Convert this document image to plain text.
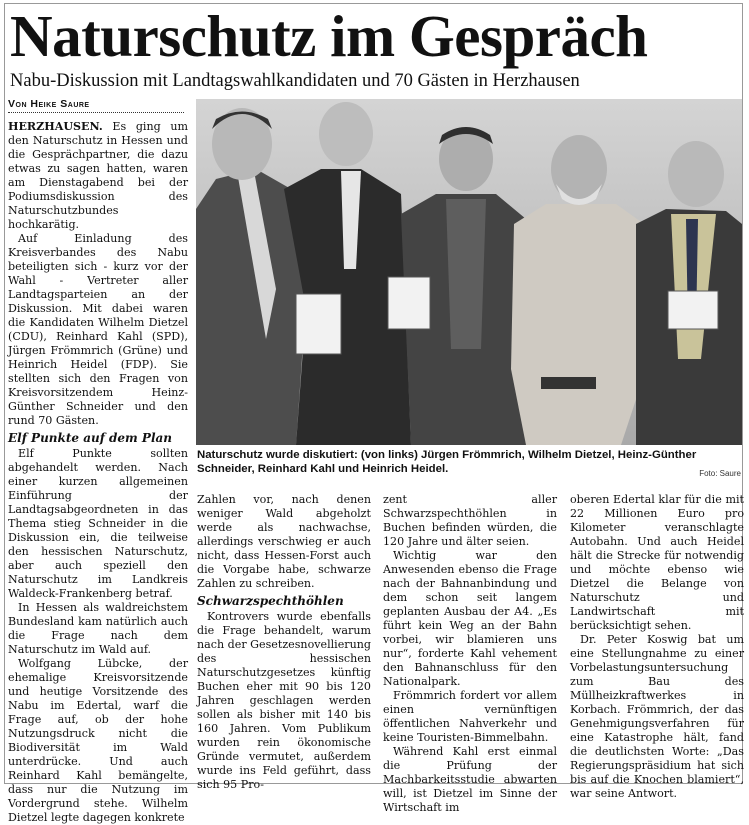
Naturschutz im Gespräch
Nabu-Diskussion mit Landtagswahlkandidaten und 70 Gästen in Herzhausen
Von Heike Saure

HERZHAUSEN. Es ging um den Naturschutz in Hessen und die Gesprächpartner, die dazu etwas zu sagen hatten, waren am Dienstagabend bei der Podiumsdiskussion des Naturschutzbundes hochkarätig.

Auf Einladung des Kreisverbandes des Nabu beteiligten sich - kurz vor der Wahl - Vertreter aller Landtagsparteien an der Diskussion. Mit dabei waren die Kandidaten Wilhelm Dietzel (CDU), Reinhard Kahl (SPD), Jürgen Frömmrich (Grüne) und Heinrich Heidel (FDP). Sie stellten sich den Fragen von Kreisvorsitzendem Heinz-Günther Schneider und den rund 70 Gästen.

Elf Punkte auf dem Plan

Elf Punkte sollten abgehandelt werden. Nach einer kurzen allgemeinen Einführung der Landtagsabgeordneten in das Thema stieg Schneider in die Diskussion ein, die teilweise den hessischen Naturschutz, aber auch speziell den Naturschutz im Landkreis Waldeck-Frankenberg betraf.

In Hessen als waldreichstem Bundesland kam natürlich auch die Frage nach dem Naturschutz im Wald auf.

Wolfgang Lübcke, der ehemalige Kreisvorsitzende und heutige Vorsitzende des Nabu im Edertal, warf die Frage auf, ob der hohe Nutzungsdruck nicht die Biodiversität im Wald unterdrücke. Und auch Reinhard Kahl bemängelte, dass nur die Nutzung im Vordergrund stehe. Wilhelm Dietzel legte dagegen konkrete

Naturschutz wurde diskutiert: (von links) Jürgen Frömmrich, Wilhelm Dietzel, Heinz-Günther Schneider, Reinhard Kahl und Heinrich Heidel.	Foto: Saure

Zahlen vor, nach denen weniger Wald abgeholzt werde als nachwachse, allerdings verschwieg er auch nicht, dass Hessen-Forst auch die Vorgabe habe, schwarze Zahlen zu schreiben.

Schwarzspechthöhlen

Kontrovers wurde ebenfalls die Frage behandelt, warum nach der Gesetzesnovellierung des hessischen Naturschutzgesetzes künftig Buchen eher mit 90 bis 120 Jahren geschlagen werden sollen als bisher mit 140 bis 160 Jahren. Vom Publikum wurden rein ökonomische Gründe vermutet, außerdem wurde ins Feld geführt, dass sich 95 Pro-

zent aller Schwarzspechthöhlen in Buchen befinden würden, die 120 Jahre und älter seien.

Wichtig war den Anwesenden ebenso die Frage nach der Bahnanbindung und dem schon seit langem geplanten Ausbau der A4. „Es führt kein Weg an der Bahn vorbei, wir blamieren uns nur“, forderte Kahl vehement den Bahnanschluss für den Nationalpark.

Frömmrich fordert vor allem einen vernünftigen öffentlichen Nahverkehr und keine Touristen-Bimmelbahn.

Während Kahl erst einmal die Prüfung der Machbarkeitsstudie abwarten will, ist Dietzel im Sinne der Wirtschaft im

oberen Edertal klar für die mit 22 Millionen Euro pro Kilometer veranschlagte Autobahn. Und auch Heidel hält die Strecke für notwendig und möchte ebenso wie Dietzel die Belange von Naturschutz und Landwirtschaft mit berücksichtigt sehen.

Dr. Peter Koswig bat um eine Stellungnahme zu einer Vorbelastungsuntersuchung zum Bau des Müllheizkraftwerkes in Korbach. Frömmrich, der das Genehmigungsverfahren für eine Katastrophe hält, fand die deutlichsten Worte: „Das Regierungspräsidium hat sich bis auf die Knochen blamiert“, war seine Antwort.
